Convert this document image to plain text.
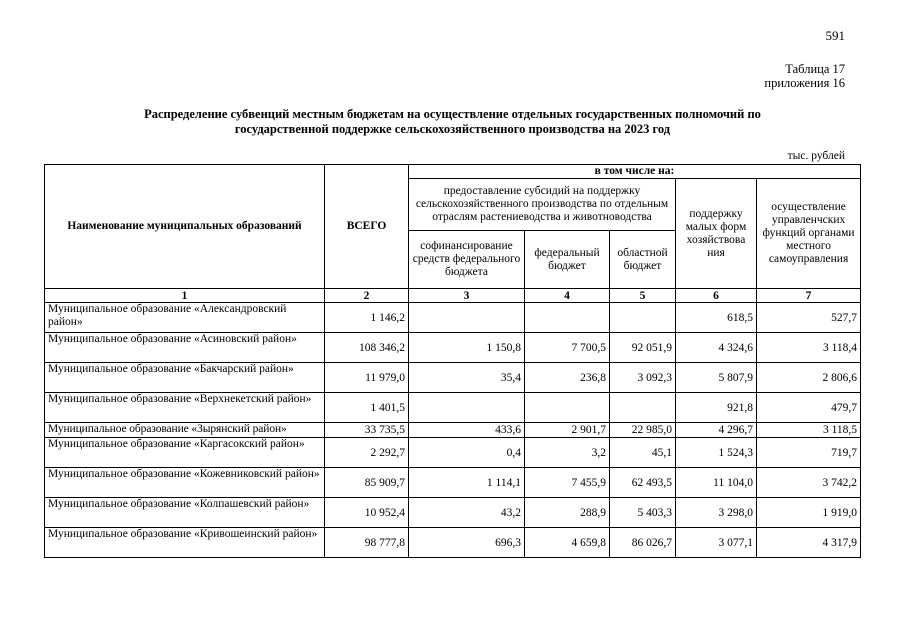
591
Таблица 17
приложения 16
Распределение субвенций местным бюджетам на осуществление отдельных государственных полномочий по
государственной поддержке сельскохозяйственного производства на 2023 год
тыс. рублей
Наименование муниципальных образований	ВСЕГО	в том числе на:				
		предоставление субсидий на поддержку сельскохозяйственного производства по отдельным отраслям растениеводства и животноводства			поддержку малых форм хозяйствова ния	осуществление управленчских функций органами местного самоуправления
		софинансирование средств федерального бюджета	федеральный бюджет	областной бюджет		
1	2	3	4	5	6	7
Муниципальное образование «Александровский район»	1 146,2				618,5	527,7
Муниципальное образование «Асиновский район»	108 346,2	1 150,8	7 700,5	92 051,9	4 324,6	3 118,4
Муниципальное образование «Бакчарский район»	11 979,0	35,4	236,8	3 092,3	5 807,9	2 806,6
Муниципальное образование «Верхнекетский район»	1 401,5				921,8	479,7
Муниципальное образование «Зырянский район»	33 735,5	433,6	2 901,7	22 985,0	4 296,7	3 118,5
Муниципальное образование «Каргасокский район»	2 292,7	0,4	3,2	45,1	1 524,3	719,7
Муниципальное образование «Кожевниковский район»	85 909,7	1 114,1	7 455,9	62 493,5	11 104,0	3 742,2
Муниципальное образование «Колпашевский район»	10 952,4	43,2	288,9	5 403,3	3 298,0	1 919,0
Муниципальное образование «Кривошеинский район»	98 777,8	696,3	4 659,8	86 026,7	3 077,1	4 317,9
